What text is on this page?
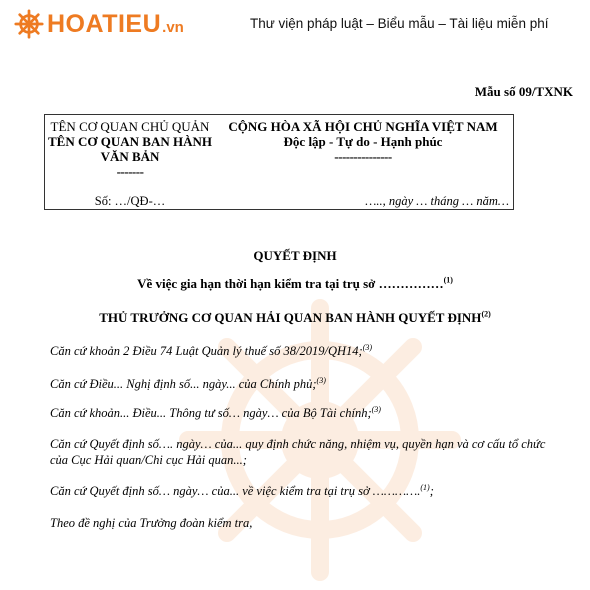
HOATIEU .vn	Thư viện pháp luật – Biểu mẫu – Tài liệu miễn phí
Mẫu số 09/TXNK
TÊN CƠ QUAN CHỦ QUẢN
TÊN CƠ QUAN BAN HÀNH
VĂN BẢN
-------
CỘNG HÒA XÃ HỘI CHỦ NGHĨA VIỆT NAM
Độc lập - Tự do - Hạnh phúc
---------------
Số: …/QĐ-…	….., ngày … tháng … năm…
QUYẾT ĐỊNH
Về việc gia hạn thời hạn kiểm tra tại trụ sở ……………$^{(1)}$
THỦ TRƯỞNG CƠ QUAN HẢI QUAN BAN HÀNH QUYẾT ĐỊNH$^{(2)}$
Căn cứ khoản 2 Điều 74 Luật Quản lý thuế số 38/2019/QH14;$^{(3)}$
Căn cứ Điều... Nghị định số... ngày... của Chính phủ;$^{(3)}$
Căn cứ khoản... Điều... Thông tư số… ngày… của Bộ Tài chính;$^{(3)}$
Căn cứ Quyết định số…. ngày… của... quy định chức năng, nhiệm vụ, quyền hạn và cơ cấu tổ chức của Cục Hải quan/Chi cục Hải quan...;
Căn cứ Quyết định số… ngày… của... về việc kiểm tra tại trụ sở ………….$^{(1)}$;
Theo đề nghị của Trưởng đoàn kiểm tra,
